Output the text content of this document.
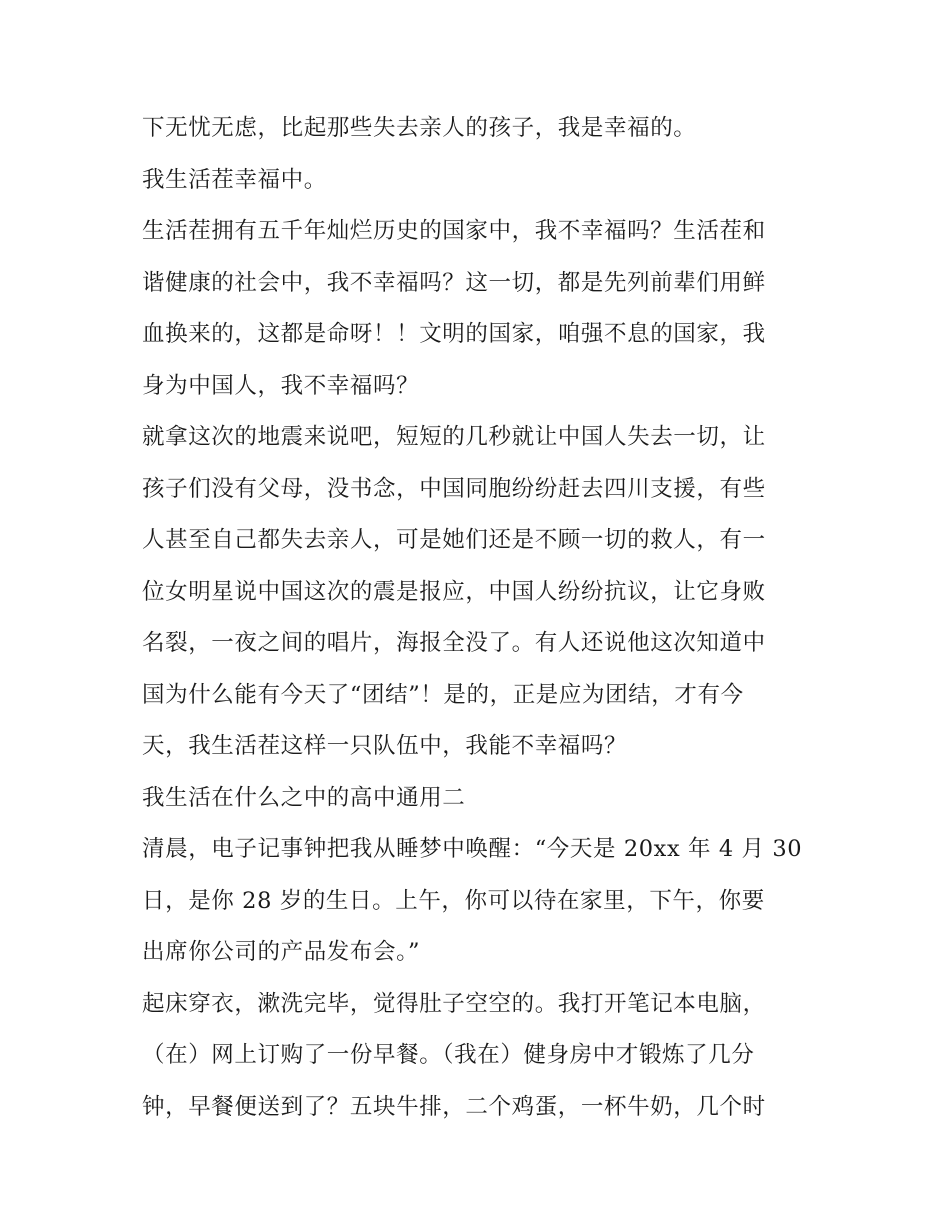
下无忧无虑，比起那些失去亲人的孩子，我是幸福的。

我生活茬幸福中。

生活茬拥有五千年灿烂历史的国家中，我不幸福吗？生活茬和

谐健康的社会中，我不幸福吗？这一切，都是先列前辈们用鲜

血换来的，这都是命呀！！文明的国家，咱强不息的国家，我

身为中国人，我不幸福吗？

就拿这次的地震来说吧，短短的几秒就让中国人失去一切，让

孩子们没有父母，没书念，中国同胞纷纷赶去四川支援，有些

人甚至自己都失去亲人，可是她们还是不顾一切的救人，有一

位女明星说中国这次的震是报应，中国人纷纷抗议，让它身败

名裂，一夜之间的唱片，海报全没了。有人还说他这次知道中

国为什么能有今天了“团结”！是的，正是应为团结，才有今

天，我生活茬这样一只队伍中，我能不幸福吗？

我生活在什么之中的高中通用二

清晨，电子记事钟把我从睡梦中唤醒：“今天是 20xx 年 4 月 30

日，是你 28 岁的生日。上午，你可以待在家里，下午，你要

出席你公司的产品发布会。”

起床穿衣，漱洗完毕，觉得肚子空空的。我打开笔记本电脑，

（在）网上订购了一份早餐。（我在）健身房中才锻炼了几分

钟，早餐便送到了？五块牛排，二个鸡蛋，一杯牛奶，几个时
